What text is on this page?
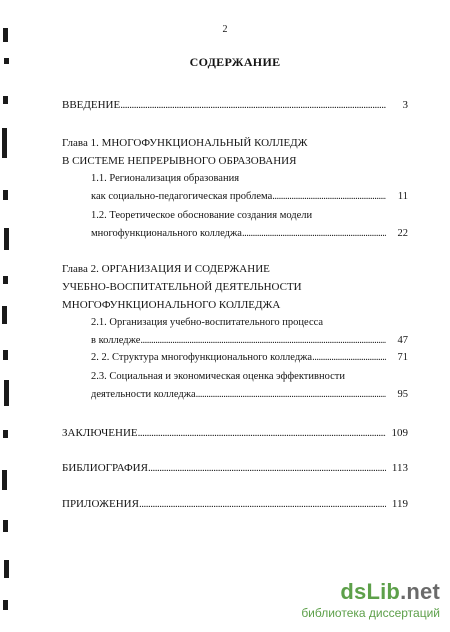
2
СОДЕРЖАНИЕ
ВВЕДЕНИЕ .....	3
Глава 1. МНОГОФУНКЦИОНАЛЬНЫЙ КОЛЛЕДЖ
В СИСТЕМЕ НЕПРЕРЫВНОГО ОБРАЗОВАНИЯ
1.1. Регионализация образования
как социально-педагогическая проблема .....	11
1.2. Теоретическое обоснование создания модели
многофункционального колледжа .....	22
Глава 2. ОРГАНИЗАЦИЯ И СОДЕРЖАНИЕ
УЧЕБНО-ВОСПИТАТЕЛЬНОЙ ДЕЯТЕЛЬНОСТИ
МНОГОФУНКЦИОНАЛЬНОГО КОЛЛЕДЖА
2.1. Организация учебно-воспитательного процесса
в колледже .....	47
2. 2. Структура многофункционального колледжа .....	71
2.3. Социальная и экономическая оценка эффективности
деятельности колледжа .....	95
ЗАКЛЮЧЕНИЕ .....	109
БИБЛИОГРАФИЯ .....	113
ПРИЛОЖЕНИЯ .....	119
dsLib.net
библиотека диссертаций
